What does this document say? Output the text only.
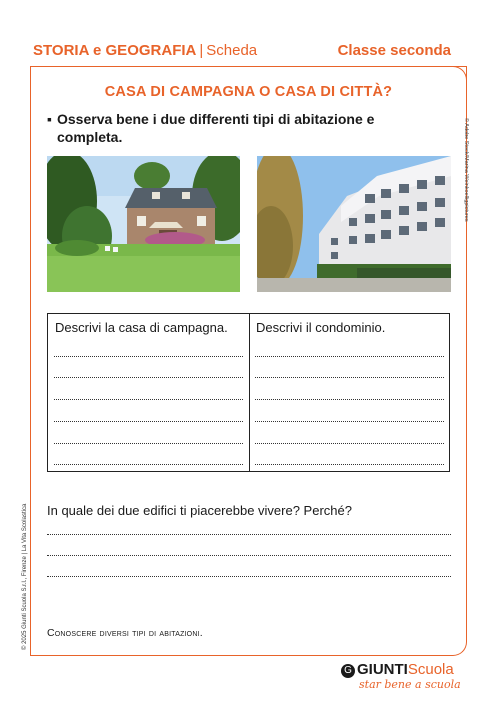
STORIA e GEOGRAFIA | Scheda	Classe seconda
CASA DI CAMPAGNA O CASA DI CITTÀ?
▪ Osserva bene i due differenti tipi di abitazione e completa.	© Adobe Stock/Marina Weinkoelligpictures
© 2025 Giunti Scuola S.r.l., Firenze | La Vita Scolastica
Descrivi la casa di campagna. Descrivi il condominio.
In quale dei due edifici ti piacerebbe vivere? Perché?
Conoscere diversi tipi di abitazioni.
G GIUNTIScuola
star bene a scuola
